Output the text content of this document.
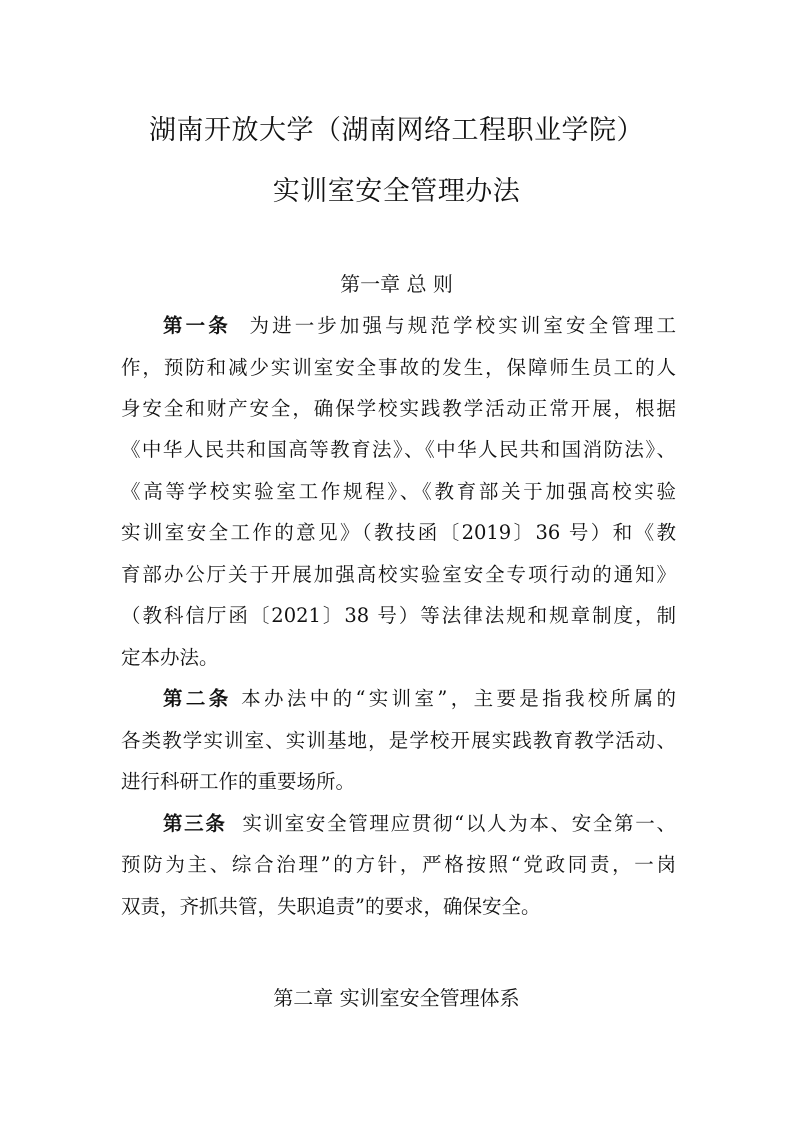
湖南开放大学（湖南网络工程职业学院）
实训室安全管理办法
第一章 总 则
第一条 为进一步加强与规范学校实训室安全管理工
作，预防和减少实训室安全事故的发生，保障师生员工的人
身安全和财产安全，确保学校实践教学活动正常开展，根据
《中华人民共和国高等教育法》、《中华人民共和国消防法》、
《高等学校实验室工作规程》、《教育部关于加强高校实验
实训室安全工作的意见》（教技函〔2019〕36 号）和《教
育部办公厅关于开展加强高校实验室安全专项行动的通知》
（教科信厅函〔2021〕38 号）等法律法规和规章制度，制
定本办法。
第二条 本办法中的“实训室”，主要是指我校所属的
各类教学实训室、实训基地，是学校开展实践教育教学活动、
进行科研工作的重要场所。
第三条 实训室安全管理应贯彻“以人为本、安全第一、
预防为主、综合治理”的方针，严格按照“党政同责，一岗
双责，齐抓共管，失职追责”的要求，确保安全。
第二章 实训室安全管理体系
